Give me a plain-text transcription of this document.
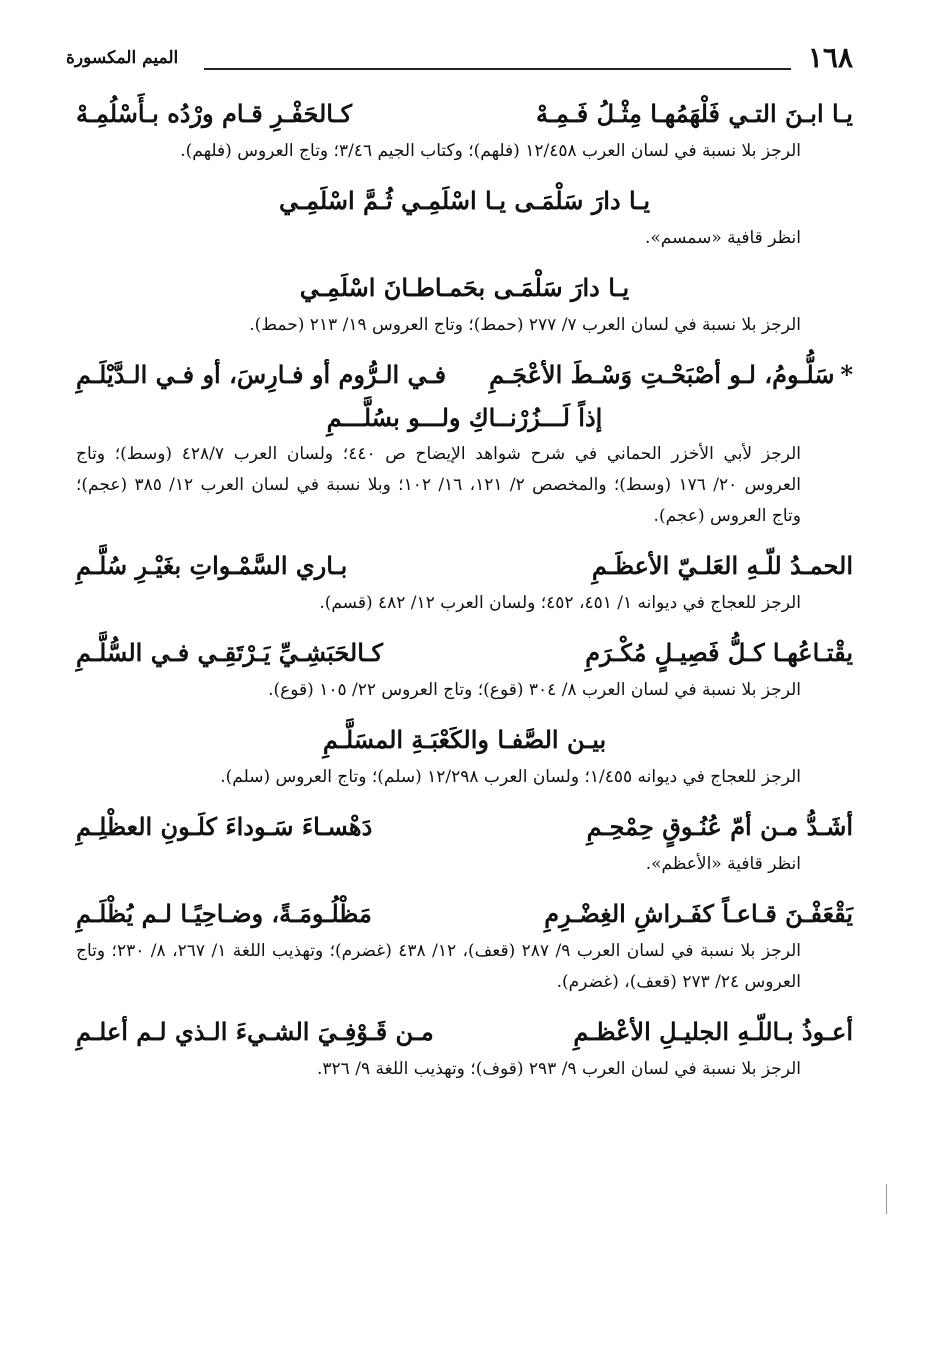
١٦٨
الميم المكسورة
يـا ابـنَ التـي فَلْهَمُهـا مِثْـلُ فَـمِـهْ
كـالحَفْـرِ قـام ورْدُه بـأَسْلُمِـهْ
الرجز بلا نسبة في لسان العرب ١٢/٤٥٨ (فلهم)؛ وكتاب الجيم ٣/٤٦؛ وتاج العروس (فلهم).
يـا دارَ سَلْمَـى يـا اسْلَمِـي ثُـمَّ اسْلَمِـي
انظر قافية «سمسم».
يـا دارَ سَلْمَـى بحَمـاطـانَ اسْلَمِـي
الرجز بلا نسبة في لسان العرب ٧/ ٢٧٧ (حمط)؛ وتاج العروس ١٩/ ٢١٣ (حمط).
*سَلُّـومُ، لـو أصْبَحْـتِ وَسْـطَ الأعْجَـمِ
فـي الـرُّوم أو فـارِسَ، أو فـي الـدَّيْلَـمِ
إذاً لَـــزُرْنــاكِ ولـــو بسُلَّـــمِ
الرجز لأبي الأخزر الحماني في شرح شواهد الإيضاح ص ٤٤٠؛ ولسان العرب ٤٢٨/٧ (وسط)؛ وتاج العروس ٢٠/ ١٧٦ (وسط)؛ والمخصص ٢/ ١٢١، ١٦/ ١٠٢؛ وبلا نسبة في لسان العرب ١٢/ ٣٨٥ (عجم)؛ وتاج العروس (عجم).
الحمـدُ للّـهِ العَلـيّ الأعظَـمِ
بـاري السَّمْـواتِ بغَيْـرِ سُلَّـمِ
الرجز للعجاج في ديوانه ١/ ٤٥١، ٤٥٢؛ ولسان العرب ١٢/ ٤٨٢ (قسم).
يقْتـاعُهـا كـلُّ فَصِيـلٍ مُكْـرَمِ
كـالحَبَشِـيِّ يَـرْتَقِـي فـي السُّلَّـمِ
الرجز بلا نسبة في لسان العرب ٨/ ٣٠٤ (قوع)؛ وتاج العروس ٢٢/ ١٠٥ (قوع).
بيـن الصَّفـا والكَعْبَـةِ المسَلَّـمِ
الرجز للعجاج في ديوانه ١/٤٥٥؛ ولسان العرب ١٢/٢٩٨ (سلم)؛ وتاج العروس (سلم).
أشَـدُّ مـن أمّ عُنُـوقٍ حِمْحِـمِ
دَهْسـاءَ سَـوداءَ كلَـونِ العظْلِـمِ
انظر قافية «الأعظم».
يَقْعَفْـنَ قـاعـاً كفَـراشِ الغِضْـرِمِ
مَظْلُـومَـةً، وضـاحِيًـا لـم يُظْلَـمِ
الرجز بلا نسبة في لسان العرب ٩/ ٢٨٧ (قعف)، ١٢/ ٤٣٨ (غضرم)؛ وتهذيب اللغة ١/ ٢٦٧، ٨/ ٢٣٠؛ وتاج العروس ٢٤/ ٢٧٣ (قعف)، (غضرم).
أعـوذُ بـاللّـهِ الجليـلِ الأعْظـمِ
مـن قَـوْفِـيَ الشـيءَ الـذي لـم أعلـمِ
الرجز بلا نسبة في لسان العرب ٩/ ٢٩٣ (قوف)؛ وتهذيب اللغة ٩/ ٣٢٦.
